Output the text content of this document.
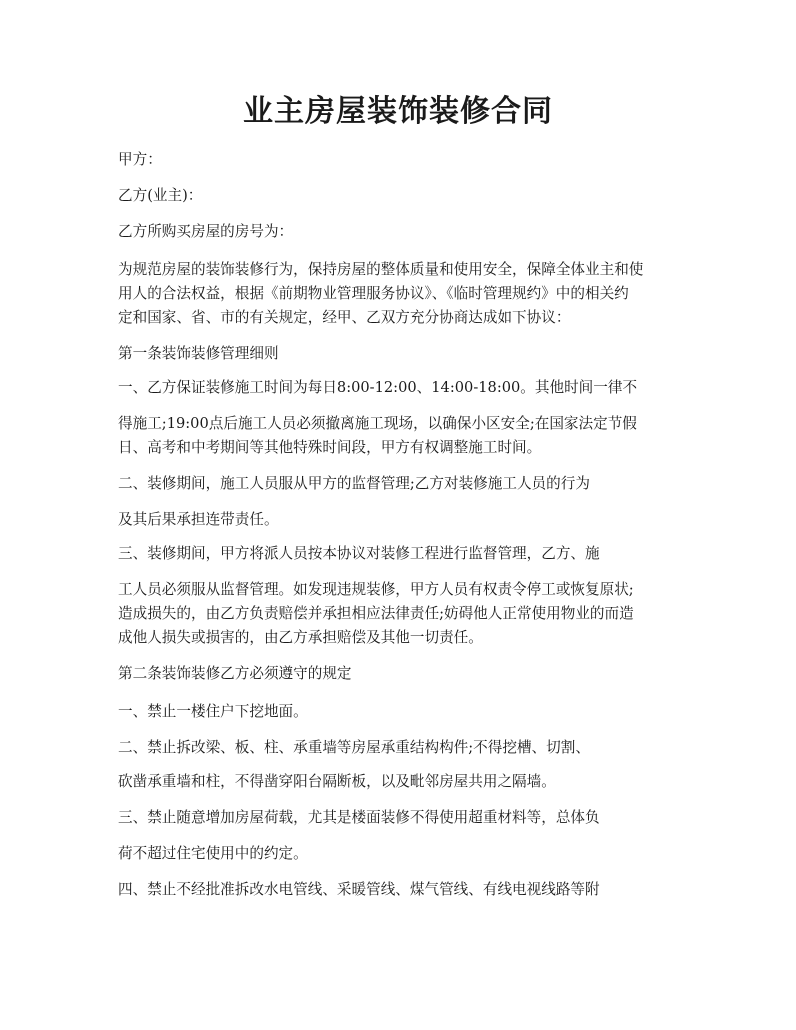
业主房屋装饰装修合同
甲方：
乙方(业主)：
乙方所购买房屋的房号为：
为规范房屋的装饰装修行为，保持房屋的整体质量和使用安全，保障全体业主和使
用人的合法权益，根据《前期物业管理服务协议》、《临时管理规约》中的相关约
定和国家、省、市的有关规定，经甲、乙双方充分协商达成如下协议：
第一条装饰装修管理细则
一、乙方保证装修施工时间为每日8:00-12:00、14:00-18:00。其他时间一律不
得施工;19:00点后施工人员必须撤离施工现场，以确保小区安全;在国家法定节假
日、高考和中考期间等其他特殊时间段，甲方有权调整施工时间。
二、装修期间，施工人员服从甲方的监督管理;乙方对装修施工人员的行为
及其后果承担连带责任。
三、装修期间，甲方将派人员按本协议对装修工程进行监督管理，乙方、施
工人员必须服从监督管理。如发现违规装修，甲方人员有权责令停工或恢复原状;
造成损失的，由乙方负责赔偿并承担相应法律责任;妨碍他人正常使用物业的而造
成他人损失或损害的，由乙方承担赔偿及其他一切责任。
第二条装饰装修乙方必须遵守的规定
一、禁止一楼住户下挖地面。
二、禁止拆改梁、板、柱、承重墙等房屋承重结构构件;不得挖槽、切割、
砍凿承重墙和柱，不得凿穿阳台隔断板，以及毗邻房屋共用之隔墙。
三、禁止随意增加房屋荷载，尤其是楼面装修不得使用超重材料等，总体负
荷不超过住宅使用中的约定。
四、禁止不经批准拆改水电管线、采暖管线、煤气管线、有线电视线路等附
